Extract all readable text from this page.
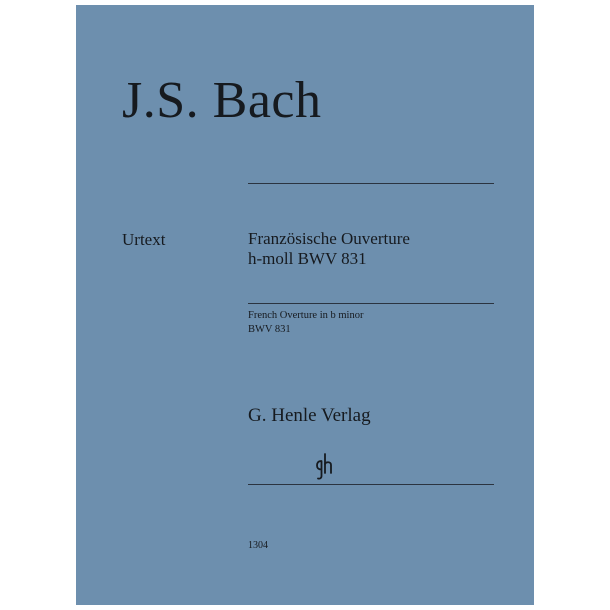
J.S. Bach
Urtext	Französische Ouverture
h-moll BWV 831
French Overture in b minor
BWV 831
G. Henle Verlag
1304
